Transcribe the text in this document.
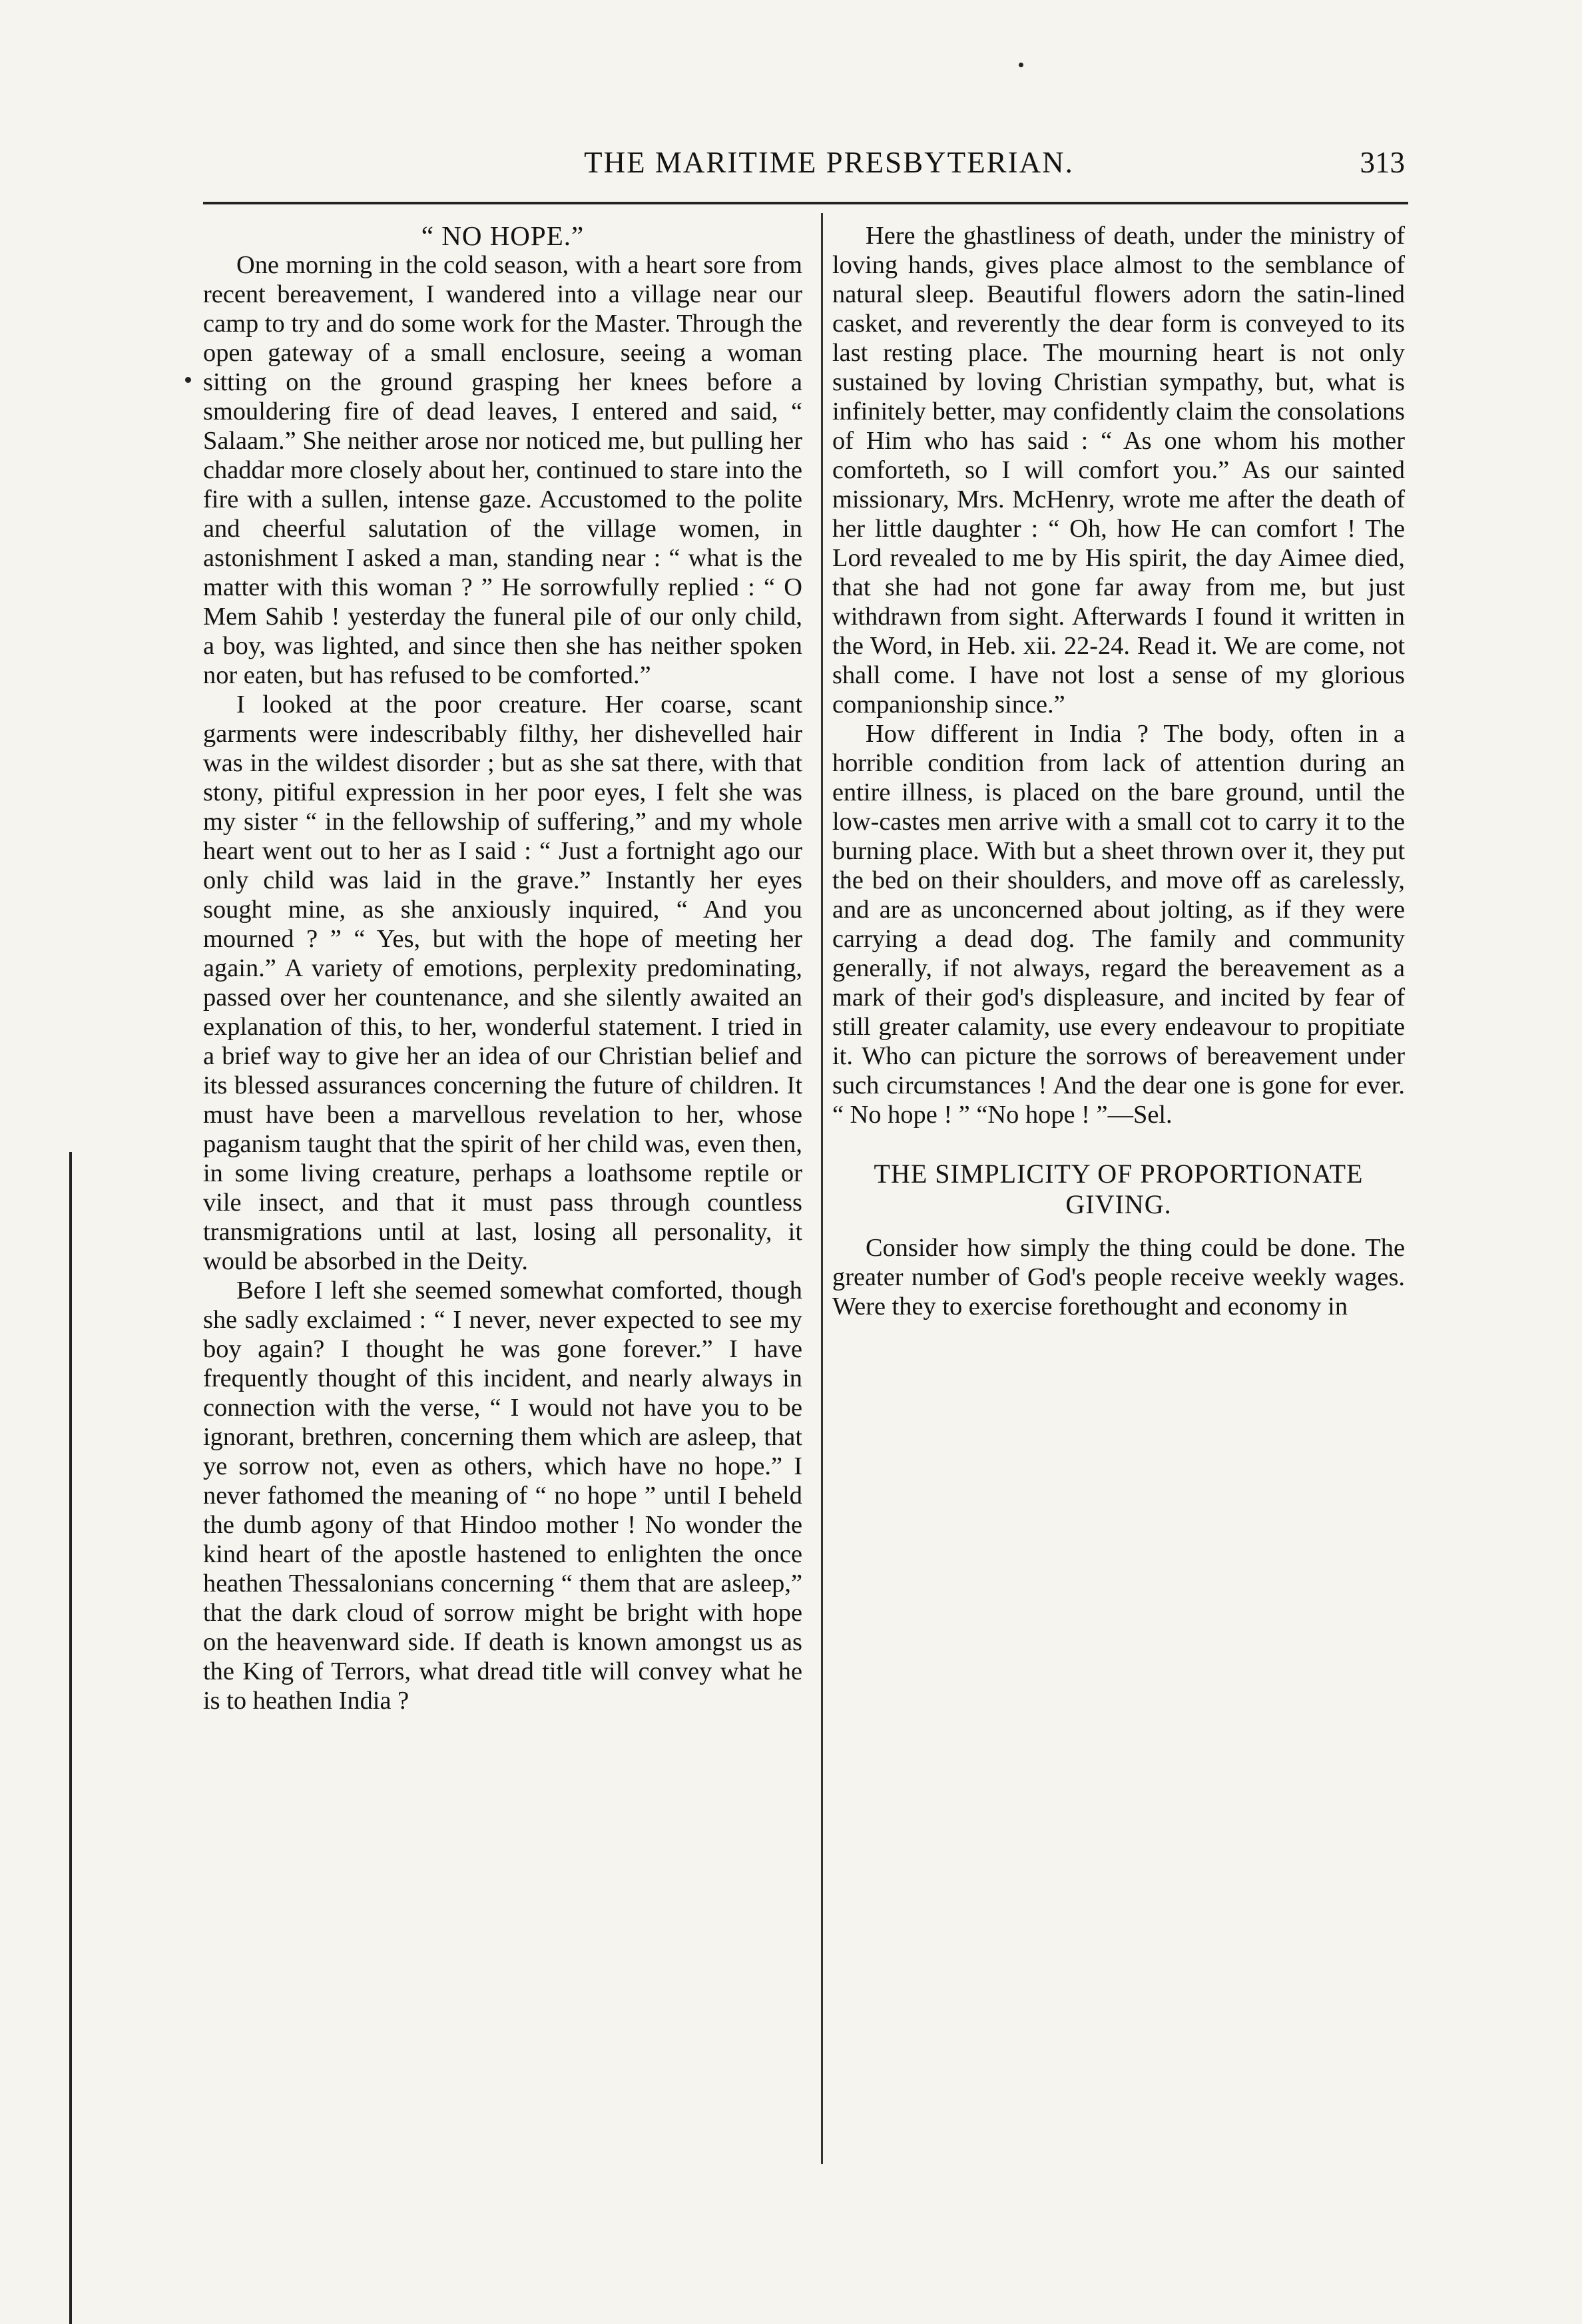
THE MARITIME PRESBYTERIAN.	313

“ NO HOPE.”

One morning in the cold season, with a heart sore from recent bereavement, I wandered into a village near our camp to try and do some work for the Master. Through the open gateway of a small enclosure, seeing a woman sitting on the ground grasping her knees before a smouldering fire of dead leaves, I entered and said, “ Salaam.” She neither arose nor noticed me, but pulling her chaddar more closely about her, continued to stare into the fire with a sullen, intense gaze. Accustomed to the polite and cheerful salutation of the village women, in astonishment I asked a man, standing near : “ what is the matter with this woman ? ” He sorrowfully replied : “ O Mem Sahib ! yesterday the funeral pile of our only child, a boy, was lighted, and since then she has neither spoken nor eaten, but has refused to be comforted.”

I looked at the poor creature. Her coarse, scant garments were indescribably filthy, her dishevelled hair was in the wildest disorder ; but as she sat there, with that stony, pitiful expression in her poor eyes, I felt she was my sister “ in the fellowship of suffering,” and my whole heart went out to her as I said : “ Just a fortnight ago our only child was laid in the grave.” Instantly her eyes sought mine, as she anxiously inquired, “ And you mourned ? ” “ Yes, but with the hope of meeting her again.” A variety of emotions, perplexity predominating, passed over her countenance, and she silently awaited an explanation of this, to her, wonderful statement. I tried in a brief way to give her an idea of our Christian belief and its blessed assurances concerning the future of children. It must have been a marvellous revelation to her, whose paganism taught that the spirit of her child was, even then, in some living creature, perhaps a loathsome reptile or vile insect, and that it must pass through countless transmigrations until at last, losing all personality, it would be absorbed in the Deity.

Before I left she seemed somewhat comforted, though she sadly exclaimed : “ I never, never expected to see my boy again? I thought he was gone forever.” I have frequently thought of this incident, and nearly always in connection with the verse, “ I would not have you to be ignorant, brethren, concerning them which are asleep, that ye sorrow not, even as others, which have no hope.” I never fathomed the meaning of “ no hope ” until I beheld the dumb agony of that Hindoo mother ! No wonder the kind heart of the apostle hastened to enlighten the once heathen Thessalonians concerning “ them that are asleep,” that the dark cloud of sorrow might be bright with hope on the heavenward side. If death is known amongst us as the King of Terrors, what dread title will convey what he is to heathen India ?

Here the ghastliness of death, under the ministry of loving hands, gives place almost to the semblance of natural sleep. Beautiful flowers adorn the satin-lined casket, and reverently the dear form is conveyed to its last resting place. The mourning heart is not only sustained by loving Christian sympathy, but, what is infinitely better, may confidently claim the consolations of Him who has said : “ As one whom his mother comforteth, so I will comfort you.” As our sainted missionary, Mrs. McHenry, wrote me after the death of her little daughter : “ Oh, how He can comfort ! The Lord revealed to me by His spirit, the day Aimee died, that she had not gone far away from me, but just withdrawn from sight. Afterwards I found it written in the Word, in Heb. xii. 22-24. Read it. We are come, not shall come. I have not lost a sense of my glorious companionship since.”

How different in India ? The body, often in a horrible condition from lack of attention during an entire illness, is placed on the bare ground, until the low-castes men arrive with a small cot to carry it to the burning place. With but a sheet thrown over it, they put the bed on their shoulders, and move off as carelessly, and are as unconcerned about jolting, as if they were carrying a dead dog. The family and community generally, if not always, regard the bereavement as a mark of their god's displeasure, and incited by fear of still greater calamity, use every endeavour to propitiate it. Who can picture the sorrows of bereavement under such circumstances ! And the dear one is gone for ever. “ No hope ! ” “No hope ! ”—Sel.

THE SIMPLICITY OF PROPORTIONATE GIVING.

Consider how simply the thing could be done. The greater number of God's people receive weekly wages. Were they to exercise forethought and economy in
